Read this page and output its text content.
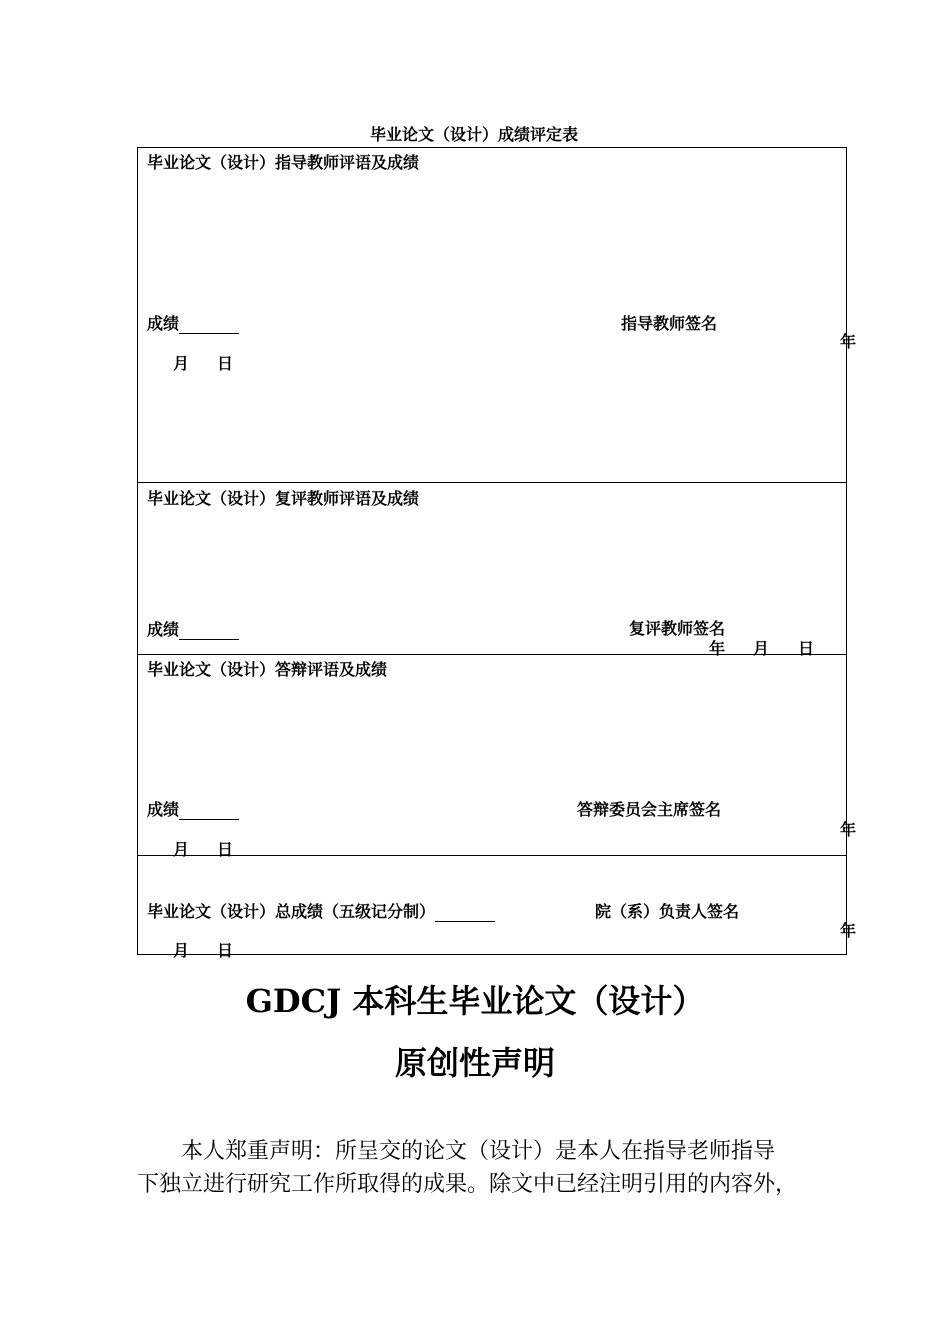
毕业论文（设计）成绩评定表
毕业论文（设计）指导教师评语及成绩
成绩	指导教师签名
年
月 日
毕业论文（设计）复评教师评语及成绩
成绩	复评教师签名
年 月 日
毕业论文（设计）答辩评语及成绩
成绩	答辩委员会主席签名
年
月 日
毕业论文（设计）总成绩（五级记分制）	院（系）负责人签名
年
月 日
GDCJ 本科生毕业论文（设计）
原创性声明
本人郑重声明：所呈交的论文（设计）是本人在指导老师指导
下独立进行研究工作所取得的成果。除文中已经注明引用的内容外，
